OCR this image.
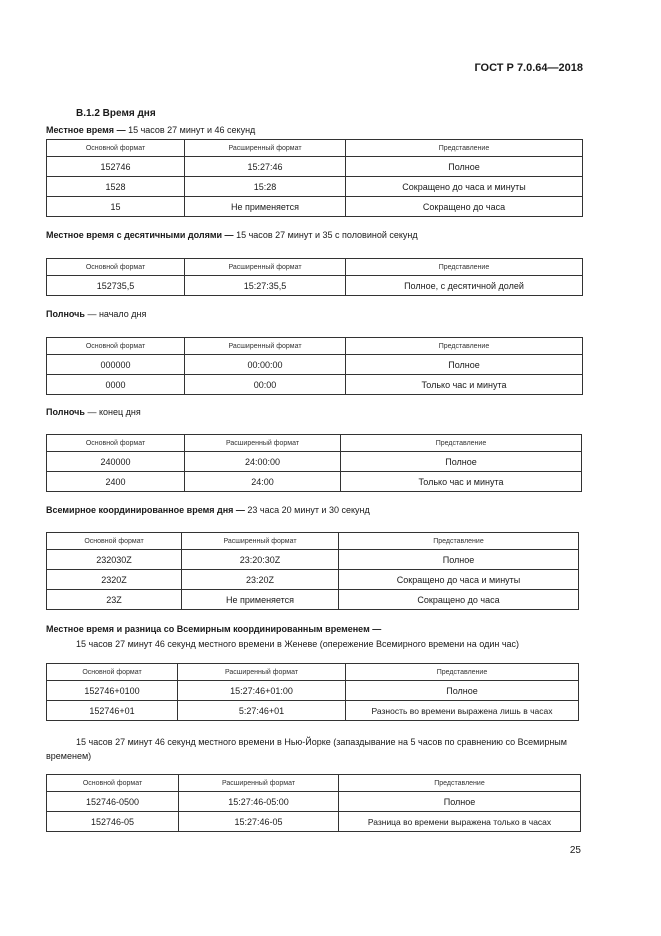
ГОСТ Р 7.0.64—2018
В.1.2 Время дня
Местное время — 15 часов 27 минут и 46 секунд
Основной формат	Расширенный формат	Представление
152746	15:27:46	Полное
1528	15:28	Сокращено до часа и минуты
15	Не применяется	Сокращено до часа
Местное время с десятичными долями — 15 часов 27 минут и 35 с половиной секунд
Основной формат	Расширенный формат	Представление
152735,5	15:27:35,5	Полное, с десятичной долей
Полночь — начало дня
Основной формат	Расширенный формат	Представление
000000	00:00:00	Полное
0000	00:00	Только час и минута
Полночь — конец дня
Основной формат	Расширенный формат	Представление
240000	24:00:00	Полное
2400	24:00	Только час и минута
Всемирное координированное время дня — 23 часа 20 минут и 30 секунд
Основной формат	Расширенный формат	Представление
232030Z	23:20:30Z	Полное
2320Z	23:20Z	Сокращено до часа и минуты
23Z	Не применяется	Сокращено до часа
Местное время и разница со Всемирным координированным временем —
15 часов 27 минут 46 секунд местного времени в Женеве (опережение Всемирного времени на один час)
Основной формат	Расширенный формат	Представление
152746+0100	15:27:46+01:00	Полное
152746+01	5:27:46+01	Разность во времени выражена лишь в часах
15 часов 27 минут 46 секунд местного времени в Нью-Йорке (запаздывание на 5 часов по сравнению со Всемирным временем)
Основной формат	Расширенный формат	Представление
152746-0500	15:27:46-05:00	Полное
152746-05	15:27:46-05	Разница во времени выражена только в часах
25
